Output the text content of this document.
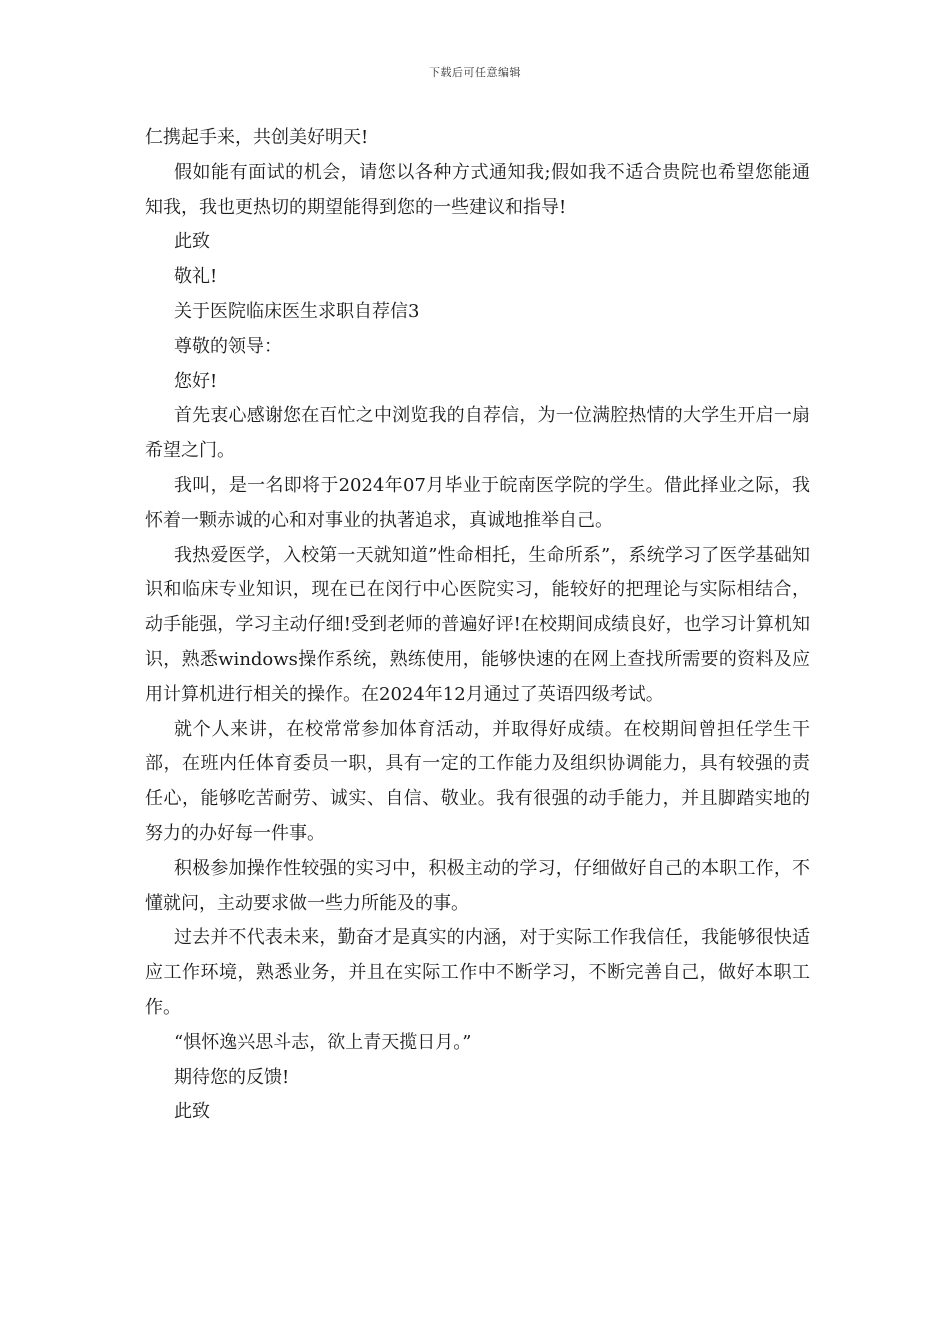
下载后可任意编辑

仁携起手来，共创美好明天!

假如能有面试的机会，请您以各种方式通知我;假如我不适合贵院也希望您能通知我，我也更热切的期望能得到您的一些建议和指导!

此致

敬礼!

关于医院临床医生求职自荐信3

尊敬的领导：

您好!

首先衷心感谢您在百忙之中浏览我的自荐信，为一位满腔热情的大学生开启一扇希望之门。

我叫，是一名即将于2024年07月毕业于皖南医学院的学生。借此择业之际，我怀着一颗赤诚的心和对事业的执著追求，真诚地推举自己。

我热爱医学，入校第一天就知道”性命相托，生命所系”，系统学习了医学基础知识和临床专业知识，现在已在闵行中心医院实习，能较好的把理论与实际相结合，动手能强，学习主动仔细!受到老师的普遍好评!在校期间成绩良好，也学习计算机知识，熟悉windows操作系统，熟练使用，能够快速的在网上查找所需要的资料及应用计算机进行相关的操作。在2024年12月通过了英语四级考试。

就个人来讲，在校常常参加体育活动，并取得好成绩。在校期间曾担任学生干部，在班内任体育委员一职，具有一定的工作能力及组织协调能力，具有较强的责任心，能够吃苦耐劳、诚实、自信、敬业。我有很强的动手能力，并且脚踏实地的努力的办好每一件事。

积极参加操作性较强的实习中，积极主动的学习，仔细做好自己的本职工作，不懂就问，主动要求做一些力所能及的事。

过去并不代表未来，勤奋才是真实的内涵，对于实际工作我信任，我能够很快适应工作环境，熟悉业务，并且在实际工作中不断学习，不断完善自己，做好本职工作。

“惧怀逸兴思斗志，欲上青天揽日月。”

期待您的反馈!

此致
